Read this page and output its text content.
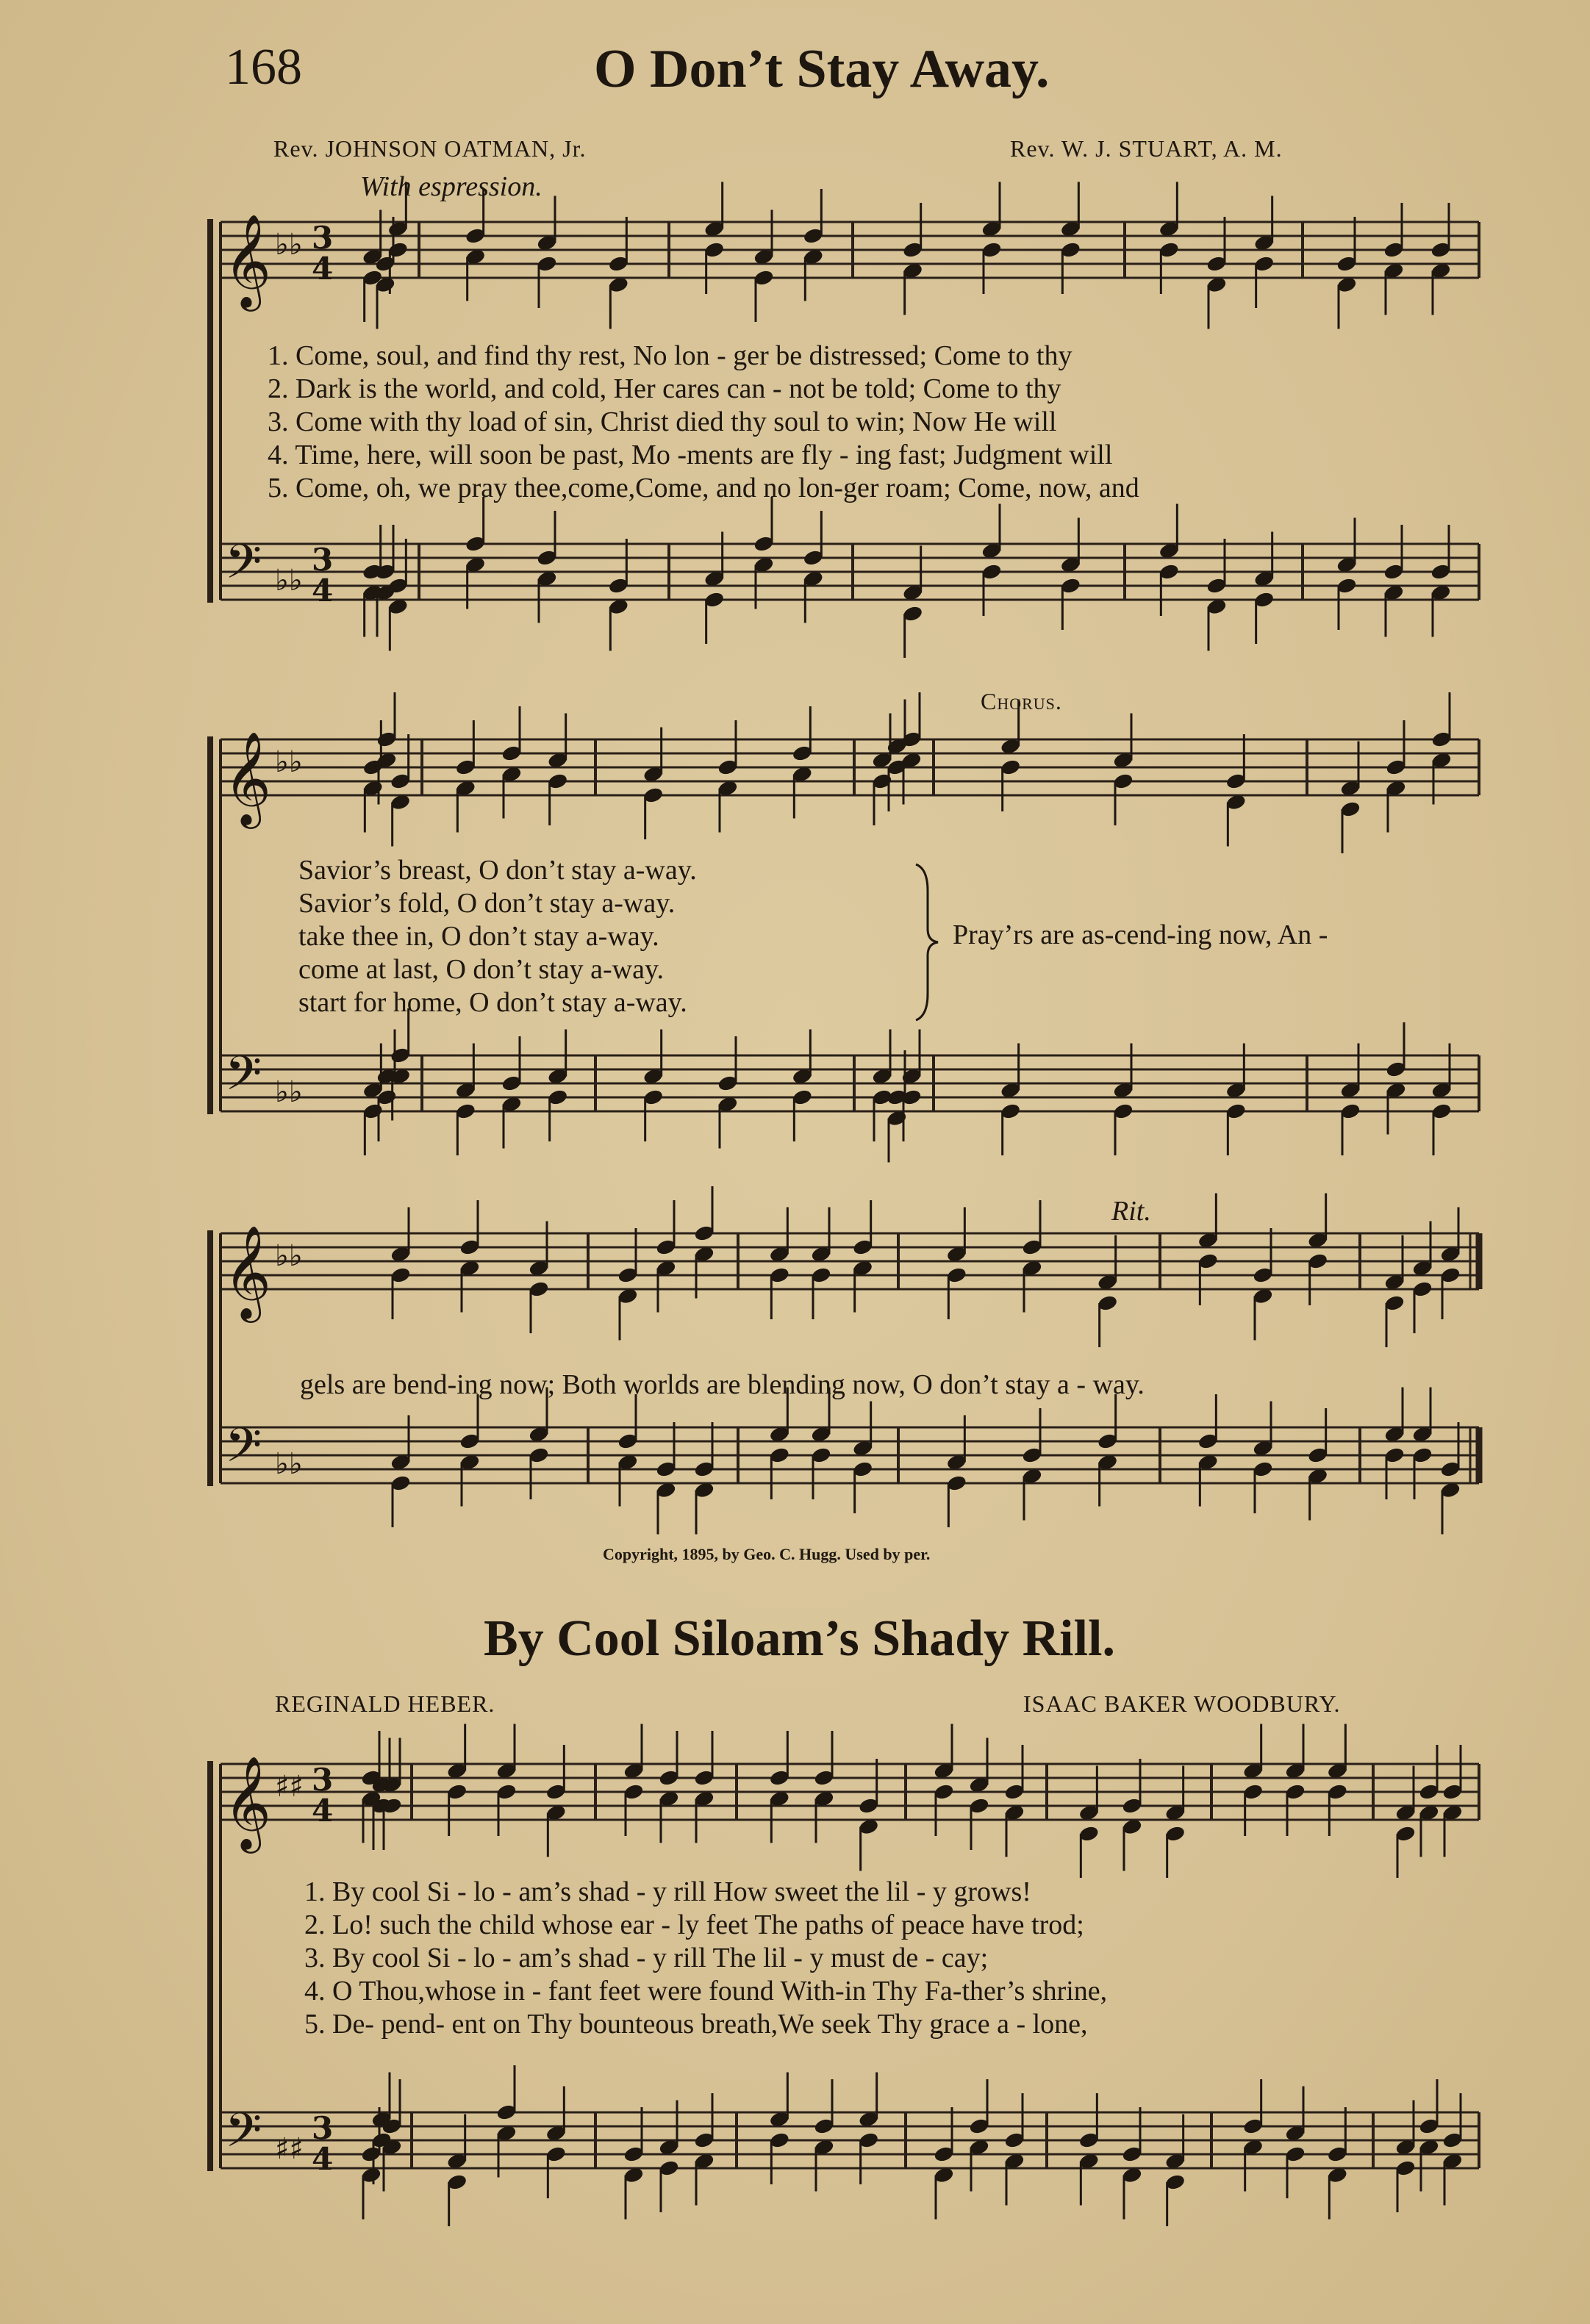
𝄞
𝄢
♭♭
♭♭
3
4
3
4
𝄞
𝄢
♭♭
♭♭
𝄞
𝄢
♭♭
♭♭
𝄞
𝄢
♯♯
♯♯
3
4
3
4
168	O Don’t Stay Away.
Rev. JOHNSON OATMAN, Jr.	Rev. W. J. STUART, A. M.
With espression.
1. Come, soul, and find thy rest, No lon - ger be distressed; Come to thy
2. Dark is the world, and cold, Her cares can - not be told; Come to thy
3. Come with thy load of sin, Christ died thy soul to win; Now He will
4. Time, here, will soon be past, Mo -ments are fly - ing fast; Judgment will
5. Come, oh, we pray thee,come,Come, and no lon-ger roam; Come, now, and
Chorus.
Savior’s breast, O don’t stay a-way.
Savior’s fold, O don’t stay a-way.
take thee in, O don’t stay a-way.
come at last, O don’t stay a-way.
start for home, O don’t stay a-way.
Pray’rs are as-cend-ing now, An -
Rit.
gels are bend-ing now; Both worlds are blending now, O don’t stay a - way.
Copyright, 1895, by Geo. C. Hugg. Used by per.
By Cool Siloam’s Shady Rill.
REGINALD HEBER.	ISAAC BAKER WOODBURY.
1. By cool Si - lo - am’s shad - y rill How sweet the lil - y grows!
2. Lo! such the child whose ear - ly feet The paths of peace have trod;
3. By cool Si - lo - am’s shad - y rill The lil - y must de - cay;
4. O Thou,whose in - fant feet were found With-in Thy Fa-ther’s shrine,
5. De- pend- ent on Thy bounteous breath,We seek Thy grace a - lone,
